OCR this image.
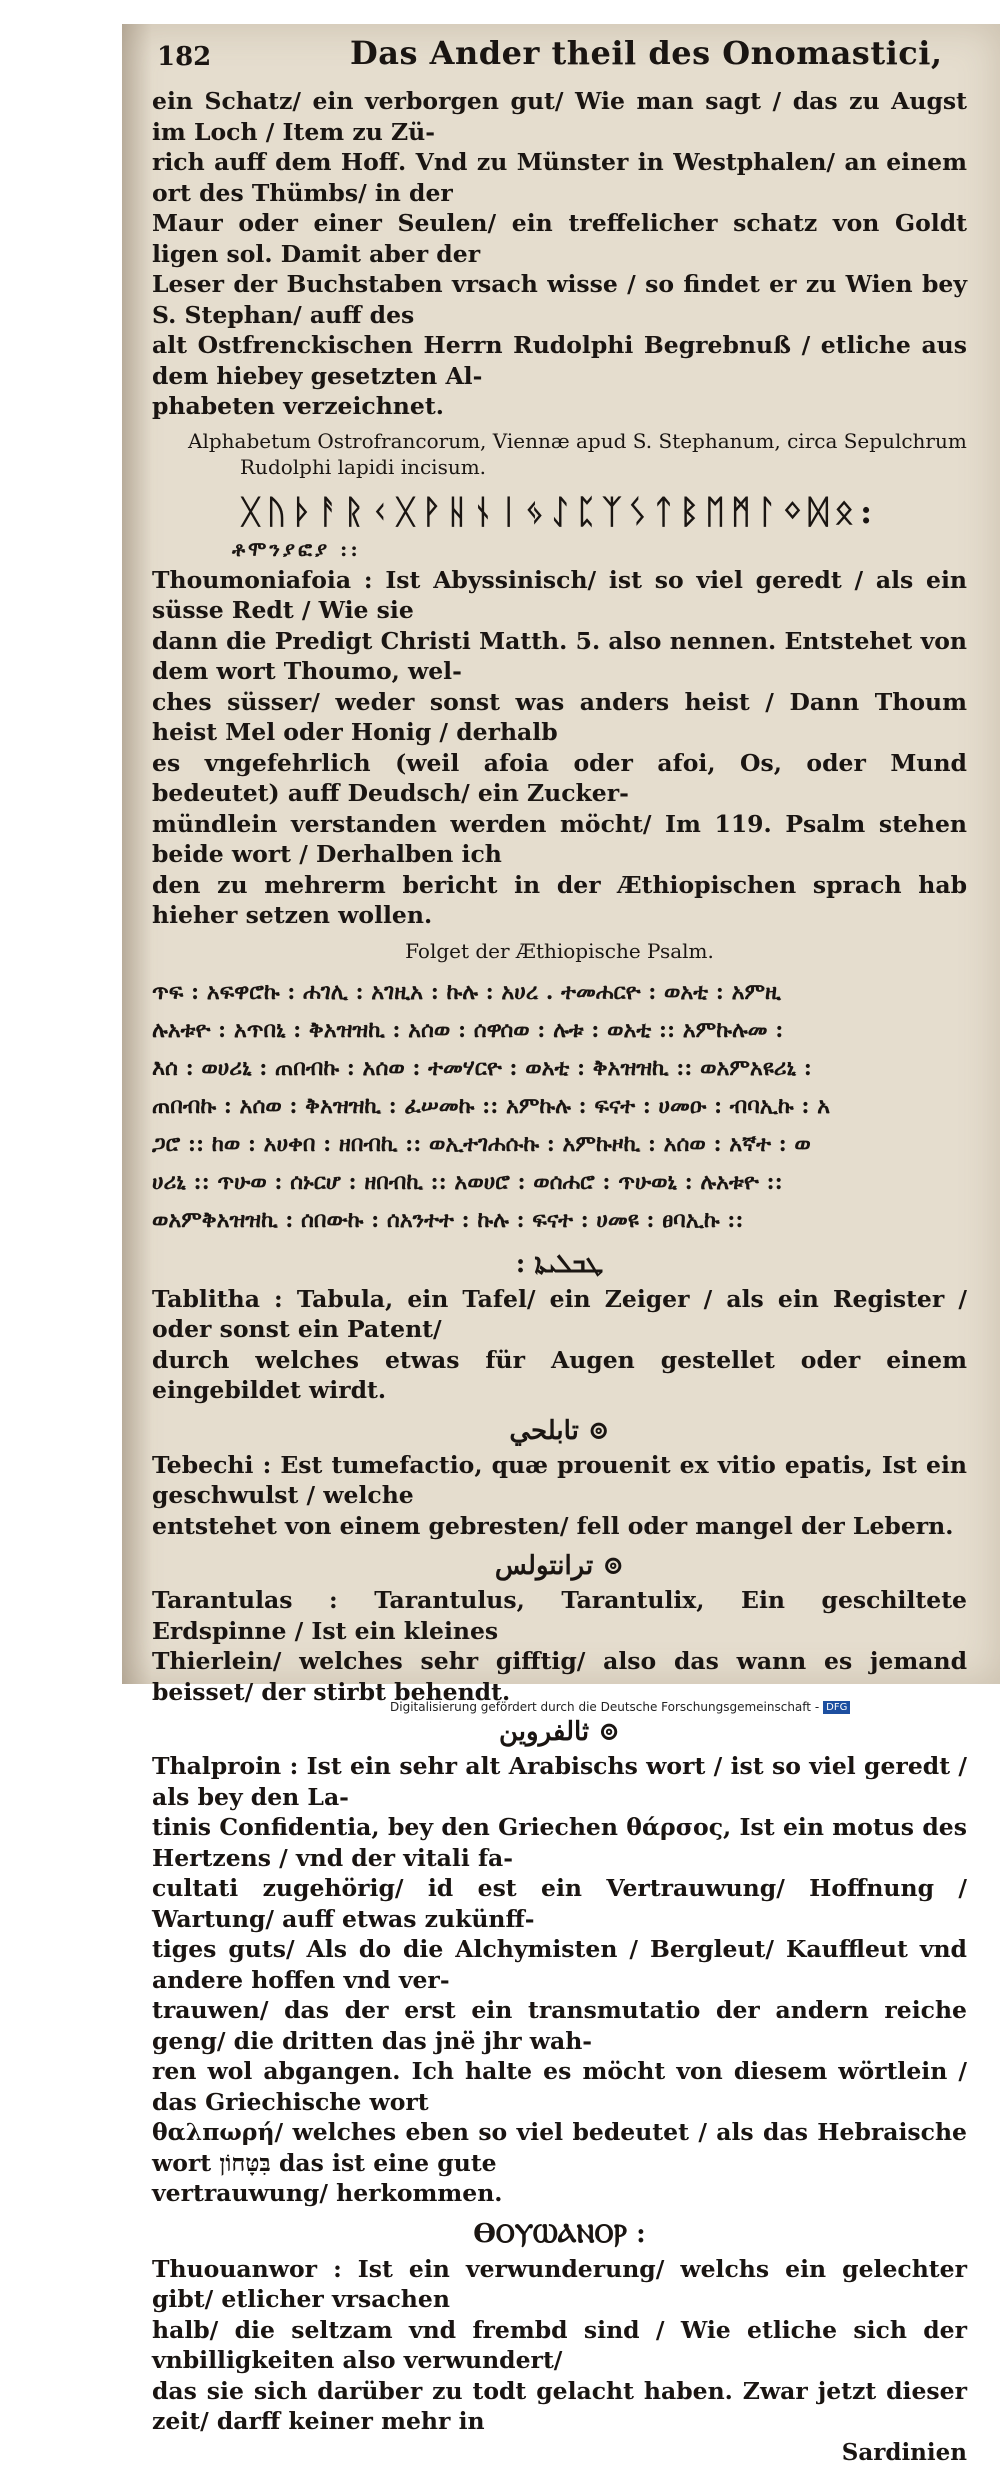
182	Das Ander theil des Onomastici,

ein Schatz/ ein verborgen gut/ Wie man sagt / das zu Augst im Loch / Item zu Zü-

rich auff dem Hoff. Vnd zu Münster in Westphalen/ an einem ort des Thümbs/ in der

Maur oder einer Seulen/ ein treffelicher schatz von Goldt ligen sol. Damit aber der

Leser der Buchstaben vrsach wisse / so findet er zu Wien bey S. Stephan/ auff des

alt Ostfrenckischen Herrn Rudolphi Begrebnuß / etliche aus dem hiebey gesetzten Al-

phabeten verzeichnet.

Alphabetum Ostrofrancorum, Viennæ apud S. Stephanum, circa Sepulchrum

Rudolphi lapidi incisum.

ᚷᚢᚦᚨᚱᚲᚷᚹᚺᚾᛁᛃᛇᛈᛉᛊᛏᛒᛖᛗᛚᛜᛞᛟ:
ቶሞንያፎያ ::

Thoumoniafoia : Ist Abyssinisch/ ist so viel geredt / als ein süsse Redt / Wie sie

dann die Predigt Christi Matth. 5. also nennen. Entstehet von dem wort Thoumo, wel-

ches süsser/ weder sonst was anders heist / Dann Thoum heist Mel oder Honig / derhalb

es vngefehrlich (weil afoia oder afoi, Os, oder Mund bedeutet) auff Deudsch/ ein Zucker-

mündlein verstanden werden möcht/ Im 119. Psalm stehen beide wort / Derhalben ich

den zu mehrerm bericht in der Æthiopischen sprach hab hieher setzen wollen.

Folget der Æthiopische Psalm.

ጥፍ : አፍዋሮኩ : ሐገሊ : አገዚአ : ኩሉ : አሀረ . ተመሐርዮ : ወአቲ : አምዚ

ሉአቱዮ : አጥበኒ : ቅአዝዝኪ : አሰወ : ሰዋሰወ : ሉቱ : ወአቲ :: አምኩሉመ :

እሰ : ወሀሪኒ : ጠበብኩ : አሰወ : ተመሃርዮ : ወአቲ : ቅአዝዝኪ :: ወአምአዩሪኒ :

ጠበብኩ : አሰወ : ቅአዝዝኪ : ፈሠመኩ :: አምኩሉ : ፍናተ : ሀመዑ : ብባኢኩ : አ

ጋሮ :: ከወ : አሀቀበ : ዘበብኪ :: ወኢተገሐሱኩ : አምኩዞኪ : አሰወ : አኛተ : ወ

ሀሪኒ :: ጥሁወ : ሰኑርሆ : ዘበብኪ :: አወሀሮ : ወሰሐሮ : ጥሁወኒ : ሉአቱዮ ::

ወአምቅአዝዝኪ : ሰበውኩ : ሰአንተተ : ኩሉ : ፍናተ : ሀመዩ : ፀባኢኩ ::

: ܛܒܠܝܬܐ

Tablitha : Tabula, ein Tafel/ ein Zeiger / als ein Register / oder sonst ein Patent/

durch welches etwas für Augen gestellet oder einem eingebildet wirdt.

تابلحي ⊚

Tebechi : Est tumefactio, quæ prouenit ex vitio epatis, Ist ein geschwulst / welche

entstehet von einem gebresten/ fell oder mangel der Lebern.

ترانتولس ⊚

Tarantulas : Tarantulus, Tarantulix, Ein geschiltete Erdspinne / Ist ein kleines

Thierlein/ welches sehr gifftig/ also das wann es jemand beisset/ der stirbt behendt.

ثالفروين ⊚

Thalproin : Ist ein sehr alt Arabischs wort / ist so viel geredt / als bey den La-

tinis Confidentia, bey den Griechen θάρσος, Ist ein motus des Hertzens / vnd der vitali fa-

cultati zugehörig/ id est ein Vertrauwung/ Hoffnung / Wartung/ auff etwas zukünff-

tiges guts/ Als do die Alchymisten / Bergleut/ Kauffleut vnd andere hoffen vnd ver-

trauwen/ das der erst ein transmutatio der andern reiche geng/ die dritten das jnë jhr wah-

ren wol abgangen. Ich halte es möcht von diesem wörtlein / das Griechische wort

θαλπωρή/ welches eben so viel bedeutet / als das Hebraische wort בִּטָּחוֹן das ist eine gute

vertrauwung/ herkommen.

ϴⲞⲨⲰⲀⲚⲞⲢ :

Thuouanwor : Ist ein verwunderung/ welchs ein gelechter gibt/ etlicher vrsachen

halb/ die seltzam vnd frembd sind / Wie etliche sich der vnbilligkeiten also verwundert/

das sie sich darüber zu todt gelacht haben. Zwar jetzt dieser zeit/ darff keiner mehr in

Sardinien
Digitalisierung gefördert durch die Deutsche Forschungsgemeinschaft - DFG
